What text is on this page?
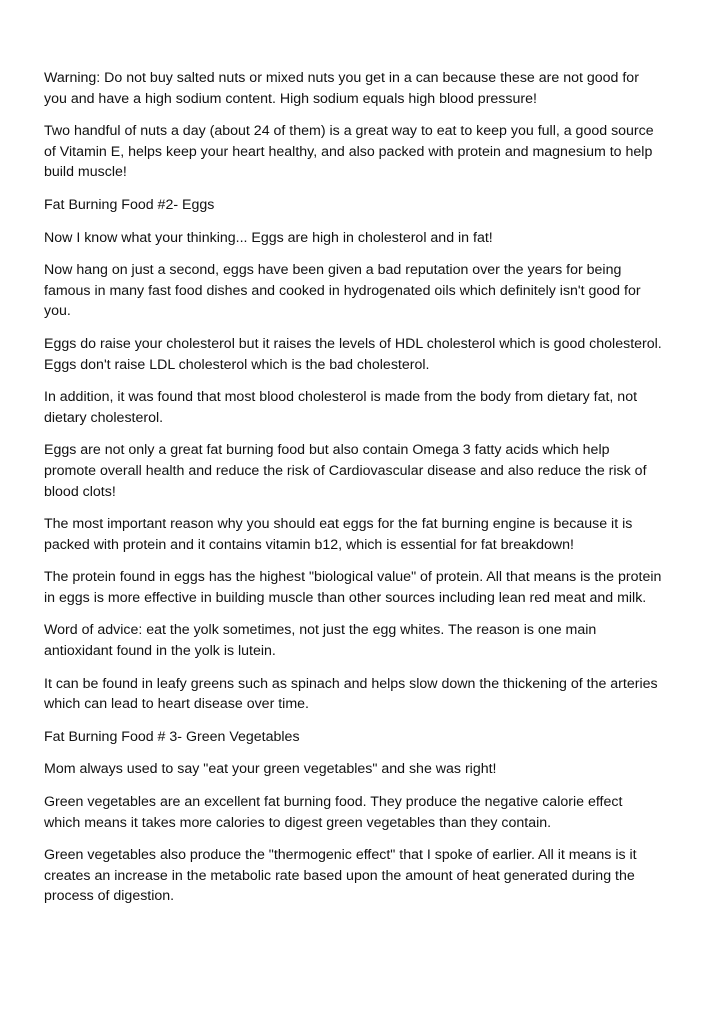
Warning: Do not buy salted nuts or mixed nuts you get in a can because these are not good for
you and have a high sodium content. High sodium equals high blood pressure!

Two handful of nuts a day (about 24 of them) is a great way to eat to keep you full, a good source
of Vitamin E, helps keep your heart healthy, and also packed with protein and magnesium to help
build muscle!

Fat Burning Food #2- Eggs

Now I know what your thinking... Eggs are high in cholesterol and in fat!

Now hang on just a second, eggs have been given a bad reputation over the years for being
famous in many fast food dishes and cooked in hydrogenated oils which definitely isn't good for
you.

Eggs do raise your cholesterol but it raises the levels of HDL cholesterol which is good cholesterol.
Eggs don't raise LDL cholesterol which is the bad cholesterol.

In addition, it was found that most blood cholesterol is made from the body from dietary fat, not
dietary cholesterol.

Eggs are not only a great fat burning food but also contain Omega 3 fatty acids which help
promote overall health and reduce the risk of Cardiovascular disease and also reduce the risk of
blood clots!

The most important reason why you should eat eggs for the fat burning engine is because it is
packed with protein and it contains vitamin b12, which is essential for fat breakdown!

The protein found in eggs has the highest "biological value" of protein. All that means is the protein
in eggs is more effective in building muscle than other sources including lean red meat and milk.

Word of advice: eat the yolk sometimes, not just the egg whites. The reason is one main
antioxidant found in the yolk is lutein.

It can be found in leafy greens such as spinach and helps slow down the thickening of the arteries
which can lead to heart disease over time.

Fat Burning Food # 3- Green Vegetables

Mom always used to say "eat your green vegetables" and she was right!

Green vegetables are an excellent fat burning food. They produce the negative calorie effect
which means it takes more calories to digest green vegetables than they contain.

Green vegetables also produce the "thermogenic effect" that I spoke of earlier. All it means is it
creates an increase in the metabolic rate based upon the amount of heat generated during the
process of digestion.
